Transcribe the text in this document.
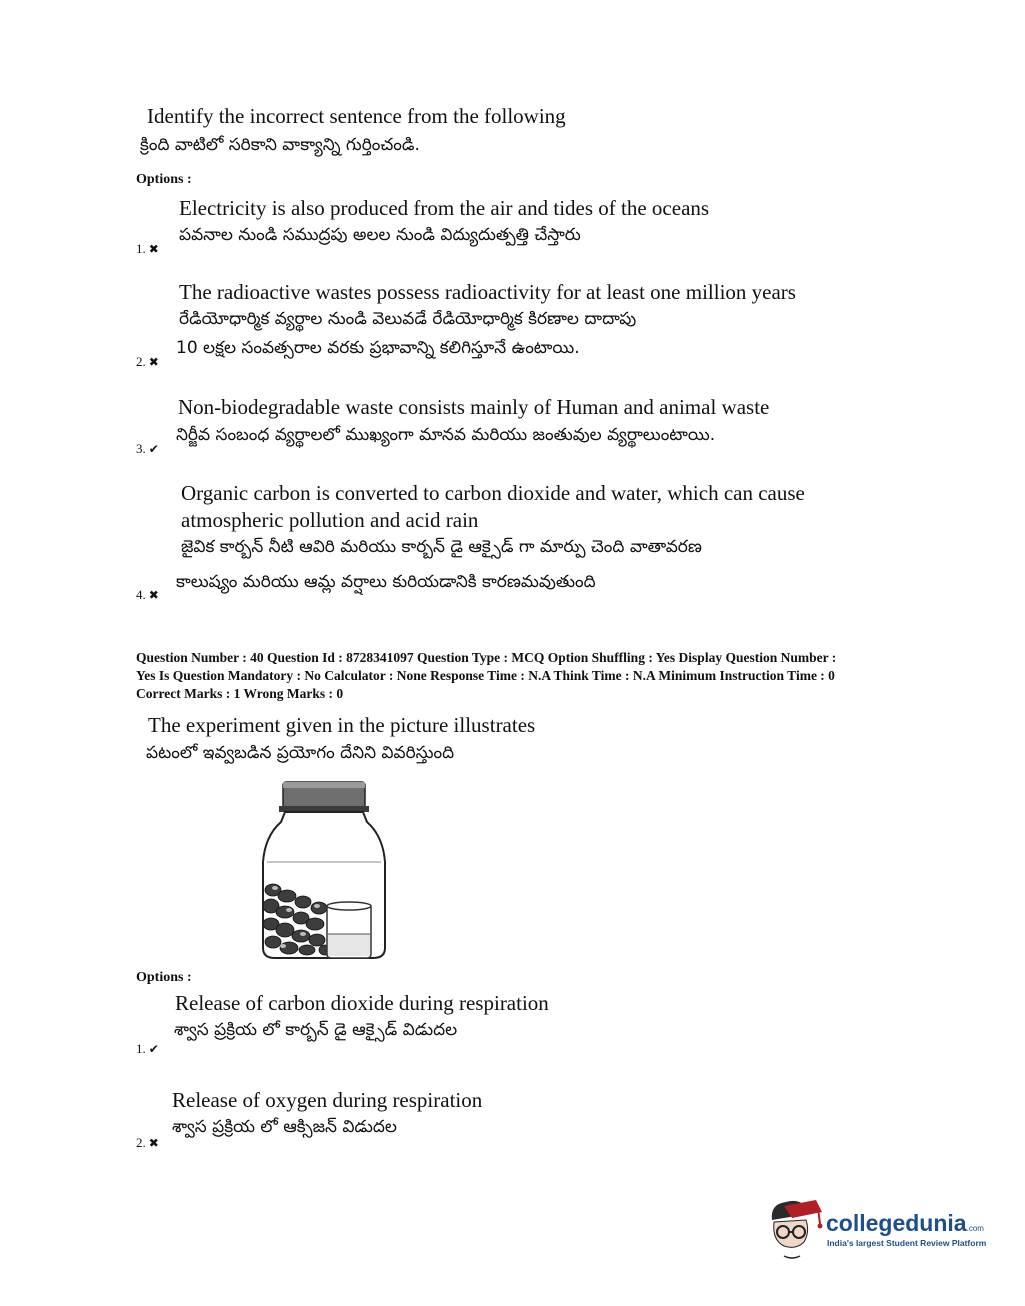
Identify the incorrect sentence from the following
క్రింది వాటిలో సరికాని వాక్యాన్ని గుర్తించండి.
Options :
Electricity is also produced from the air and tides of the oceans
పవనాల నుండి సముద్రపు అలల నుండి విద్యుదుత్పత్తి చేస్తారు
1. ✖
The radioactive wastes possess radioactivity for at least one million years
రేడియోధార్మిక వ్యర్థాల నుండి వెలువడే రేడియోధార్మిక కిరణాల దాదాపు
10 లక్షల సంవత్సరాల వరకు ప్రభావాన్ని కలిగిస్తూనే ఉంటాయి.
2. ✖
Non-biodegradable waste consists mainly of Human and animal waste
నిర్జీవ సంబంధ వ్యర్థాలలో ముఖ్యంగా మానవ మరియు జంతువుల వ్యర్థాలుంటాయి.
3. ✔
Organic carbon is converted to carbon dioxide and water, which can cause
atmospheric pollution and acid rain
జైవిక కార్బన్ నీటి ఆవిరి మరియు కార్బన్ డై ఆక్సైడ్ గా మార్పు చెంది వాతావరణ
కాలుష్యం మరియు ఆమ్ల వర్షాలు కురియడానికి కారణమవుతుంది
4. ✖
Question Number : 40 Question Id : 8728341097 Question Type : MCQ Option Shuffling : Yes Display Question Number :
Yes Is Question Mandatory : No Calculator : None Response Time : N.A Think Time : N.A Minimum Instruction Time : 0
Correct Marks : 1 Wrong Marks : 0
The experiment given in the picture illustrates
పటంలో ఇవ్వబడిన ప్రయోగం దేనిని వివరిస్తుంది
Options :
Release of carbon dioxide during respiration
శ్వాస ప్రక్రియ లో కార్బన్ డై ఆక్సైడ్ విడుదల
1. ✔
Release of oxygen during respiration
శ్వాస ప్రక్రియ లో ఆక్సిజన్ విడుదల
2. ✖
collegedunia.com
India's largest Student Review Platform
